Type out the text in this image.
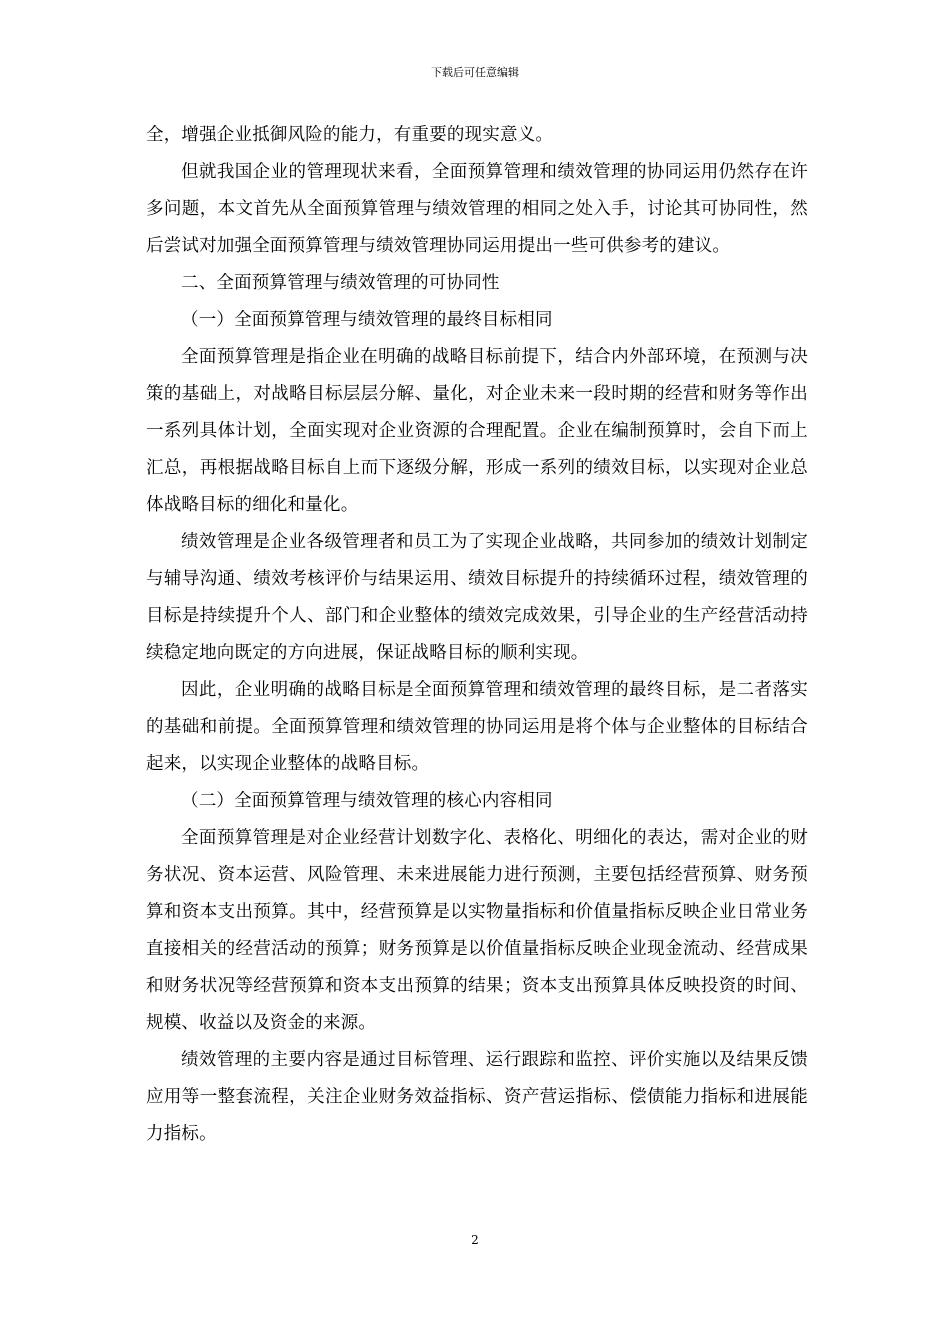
下载后可任意编辑

全，增强企业抵御风险的能力，有重要的现实意义。

但就我国企业的管理现状来看，全面预算管理和绩效管理的协同运用仍然存在许多问题，本文首先从全面预算管理与绩效管理的相同之处入手，讨论其可协同性，然后尝试对加强全面预算管理与绩效管理协同运用提出一些可供参考的建议。

二、全面预算管理与绩效管理的可协同性

（一）全面预算管理与绩效管理的最终目标相同

全面预算管理是指企业在明确的战略目标前提下，结合内外部环境，在预测与决策的基础上，对战略目标层层分解、量化，对企业未来一段时期的经营和财务等作出一系列具体计划，全面实现对企业资源的合理配置。企业在编制预算时，会自下而上汇总，再根据战略目标自上而下逐级分解，形成一系列的绩效目标，以实现对企业总体战略目标的细化和量化。

绩效管理是企业各级管理者和员工为了实现企业战略，共同参加的绩效计划制定与辅导沟通、绩效考核评价与结果运用、绩效目标提升的持续循环过程，绩效管理的目标是持续提升个人、部门和企业整体的绩效完成效果，引导企业的生产经营活动持续稳定地向既定的方向进展，保证战略目标的顺利实现。

因此，企业明确的战略目标是全面预算管理和绩效管理的最终目标，是二者落实的基础和前提。全面预算管理和绩效管理的协同运用是将个体与企业整体的目标结合起来，以实现企业整体的战略目标。

（二）全面预算管理与绩效管理的核心内容相同

全面预算管理是对企业经营计划数字化、表格化、明细化的表达，需对企业的财务状况、资本运营、风险管理、未来进展能力进行预测，主要包括经营预算、财务预算和资本支出预算。其中，经营预算是以实物量指标和价值量指标反映企业日常业务直接相关的经营活动的预算；财务预算是以价值量指标反映企业现金流动、经营成果和财务状况等经营预算和资本支出预算的结果；资本支出预算具体反映投资的时间、规模、收益以及资金的来源。

绩效管理的主要内容是通过目标管理、运行跟踪和监控、评价实施以及结果反馈应用等一整套流程，关注企业财务效益指标、资产营运指标、偿债能力指标和进展能力指标。

2
